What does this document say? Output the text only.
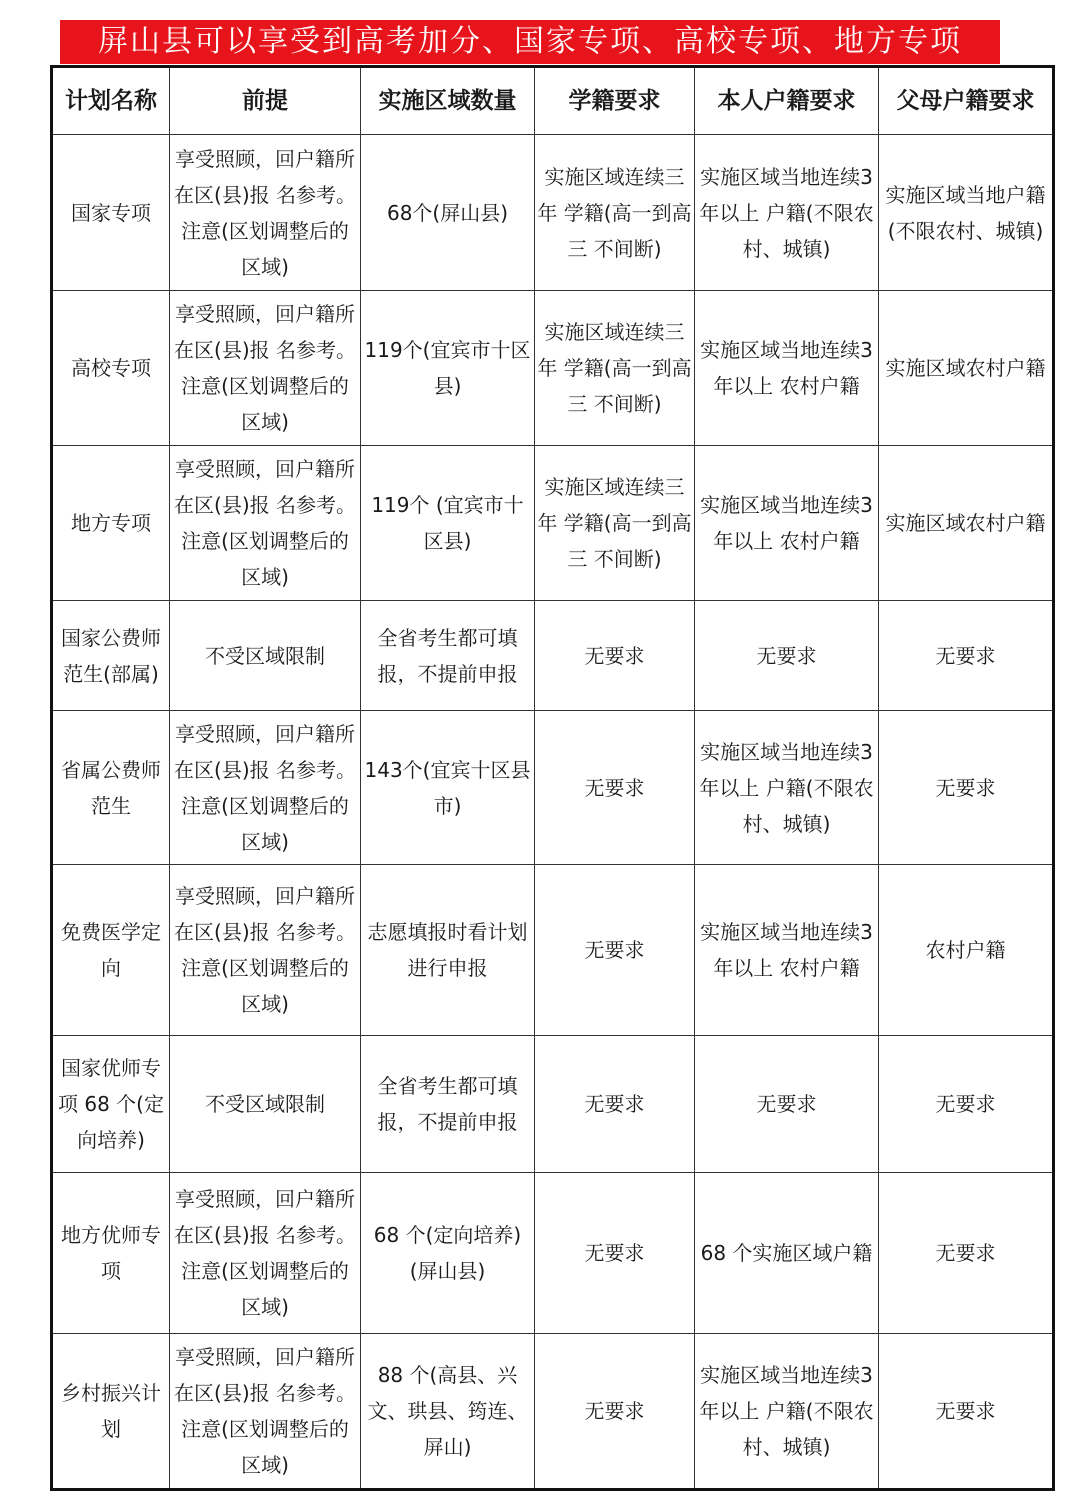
屏山县可以享受到高考加分、国家专项、高校专项、地方专项
计划名称	前提	实施区域数量	学籍要求	本人户籍要求	父母户籍要求
国家专项	享受照顾，回户籍所在区(县)报 名参考。注意(区划调整后的区域)	68个(屏山县)	实施区域连续三年 学籍(高一到高三 不间断)	实施区域当地连续3 年以上 户籍(不限农村、城镇)	实施区域当地户籍(不限农村、城镇)
高校专项	享受照顾，回户籍所在区(县)报 名参考。注意(区划调整后的区域)	119个(宜宾市十区县)	实施区域连续三年 学籍(高一到高三 不间断)	实施区域当地连续3 年以上 农村户籍	实施区域农村户籍
地方专项	享受照顾，回户籍所在区(县)报 名参考。注意(区划调整后的区域)	119个 (宜宾市十区县)	实施区域连续三年 学籍(高一到高三 不间断)	实施区域当地连续3 年以上 农村户籍	实施区域农村户籍
国家公费师范生(部属)	不受区域限制	全省考生都可填报，不提前申报	无要求	无要求	无要求
省属公费师范生	享受照顾，回户籍所在区(县)报 名参考。注意(区划调整后的区域)	143个(宜宾十区县市)	无要求	实施区域当地连续3 年以上 户籍(不限农村、城镇)	无要求
免费医学定向	享受照顾，回户籍所在区(县)报 名参考。注意(区划调整后的区域)	志愿填报时看计划进行申报	无要求	实施区域当地连续3 年以上 农村户籍	农村户籍
国家优师专项 68 个(定向培养)	不受区域限制	全省考生都可填报，不提前申报	无要求	无要求	无要求
地方优师专项	享受照顾，回户籍所在区(县)报 名参考。注意(区划调整后的区域)	68 个(定向培养)(屏山县)	无要求	68 个实施区域户籍	无要求
乡村振兴计划	享受照顾，回户籍所在区(县)报 名参考。注意(区划调整后的区域)	88 个(高县、兴文、珙县、筠连、屏山)	无要求	实施区域当地连续3 年以上 户籍(不限农村、城镇)	无要求
